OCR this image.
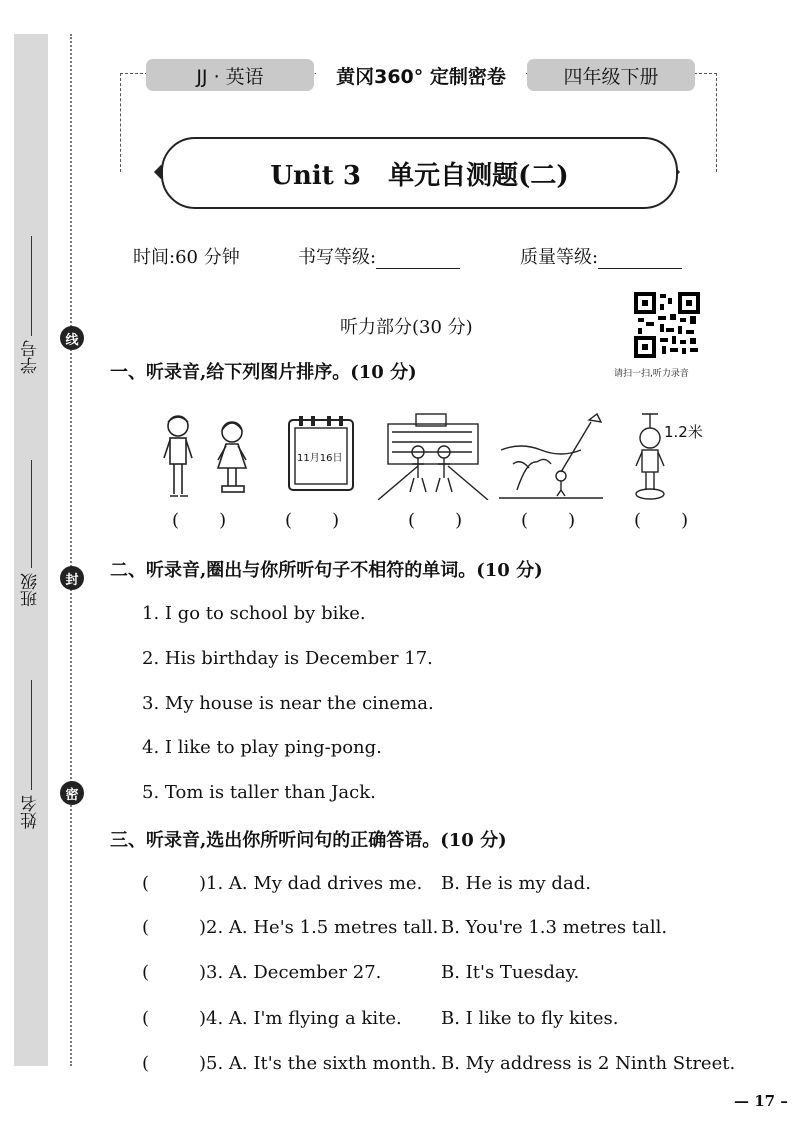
学号
班级
姓名
线
封
密
JJ · 英语	黄冈360° 定制密卷	四年级下册
Unit 3   单元自测题(二)
时间:60 分钟	书写等级:	质量等级:
听力部分(30 分)
请扫一扫,听力录音
一、听录音,给下列图片排序。(10 分)
11月16日
1.2米
(       )	(       )	(       )	(       )	(       )
二、听录音,圈出与你所听句子不相符的单词。(10 分)
1. I go to school by bike.
2. His birthday is December 17.
3. My house is near the cinema.
4. I like to play ping-pong.
5. Tom is taller than Jack.
三、听录音,选出你所听问句的正确答语。(10 分)
(	)1. A. My dad drives me. B. He is my dad.
(	)2. A. He's 1.5 metres tall. B. You're 1.3 metres tall.
(	)3. A. December 27.	B. It's Tuesday.
(	)4. A. I'm flying a kite. B. I like to fly kites.
(	)5. A. It's the sixth month. B. My address is 2 Ninth Street.
— 17 –
